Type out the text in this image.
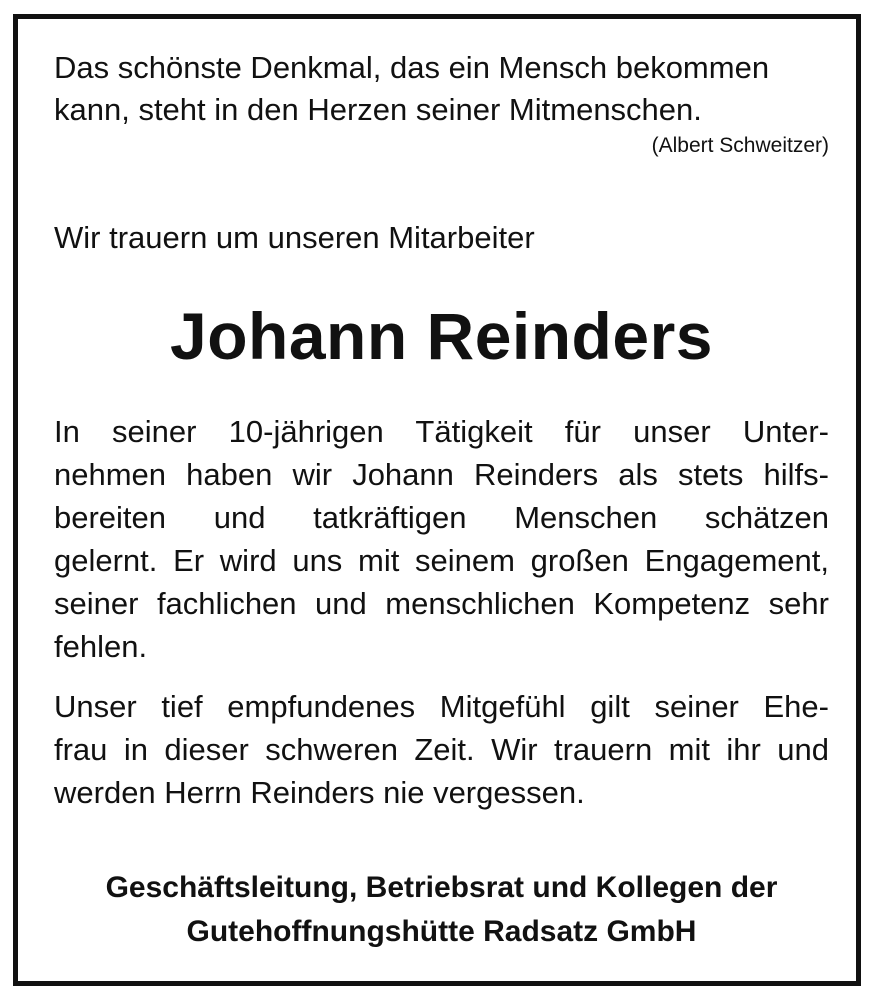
Das schönste Denkmal, das ein Mensch bekommen

kann, steht in den Herzen seiner Mitmenschen.

(Albert Schweitzer)

Wir trauern um unseren Mitarbeiter

Johann Reinders
In seiner 10-jährigen Tätigkeit für unser Unter-
nehmen haben wir Johann Reinders als stets hilfs-
bereiten und tatkräftigen Menschen schätzen
gelernt. Er wird uns mit seinem großen Engagement,
seiner fachlichen und menschlichen Kompetenz sehr
fehlen.
Unser tief empfundenes Mitgefühl gilt seiner Ehe-
frau in dieser schweren Zeit. Wir trauern mit ihr und
werden Herrn Reinders nie vergessen.
Geschäftsleitung, Betriebsrat und Kollegen der
Gutehoffnungshütte Radsatz GmbH
